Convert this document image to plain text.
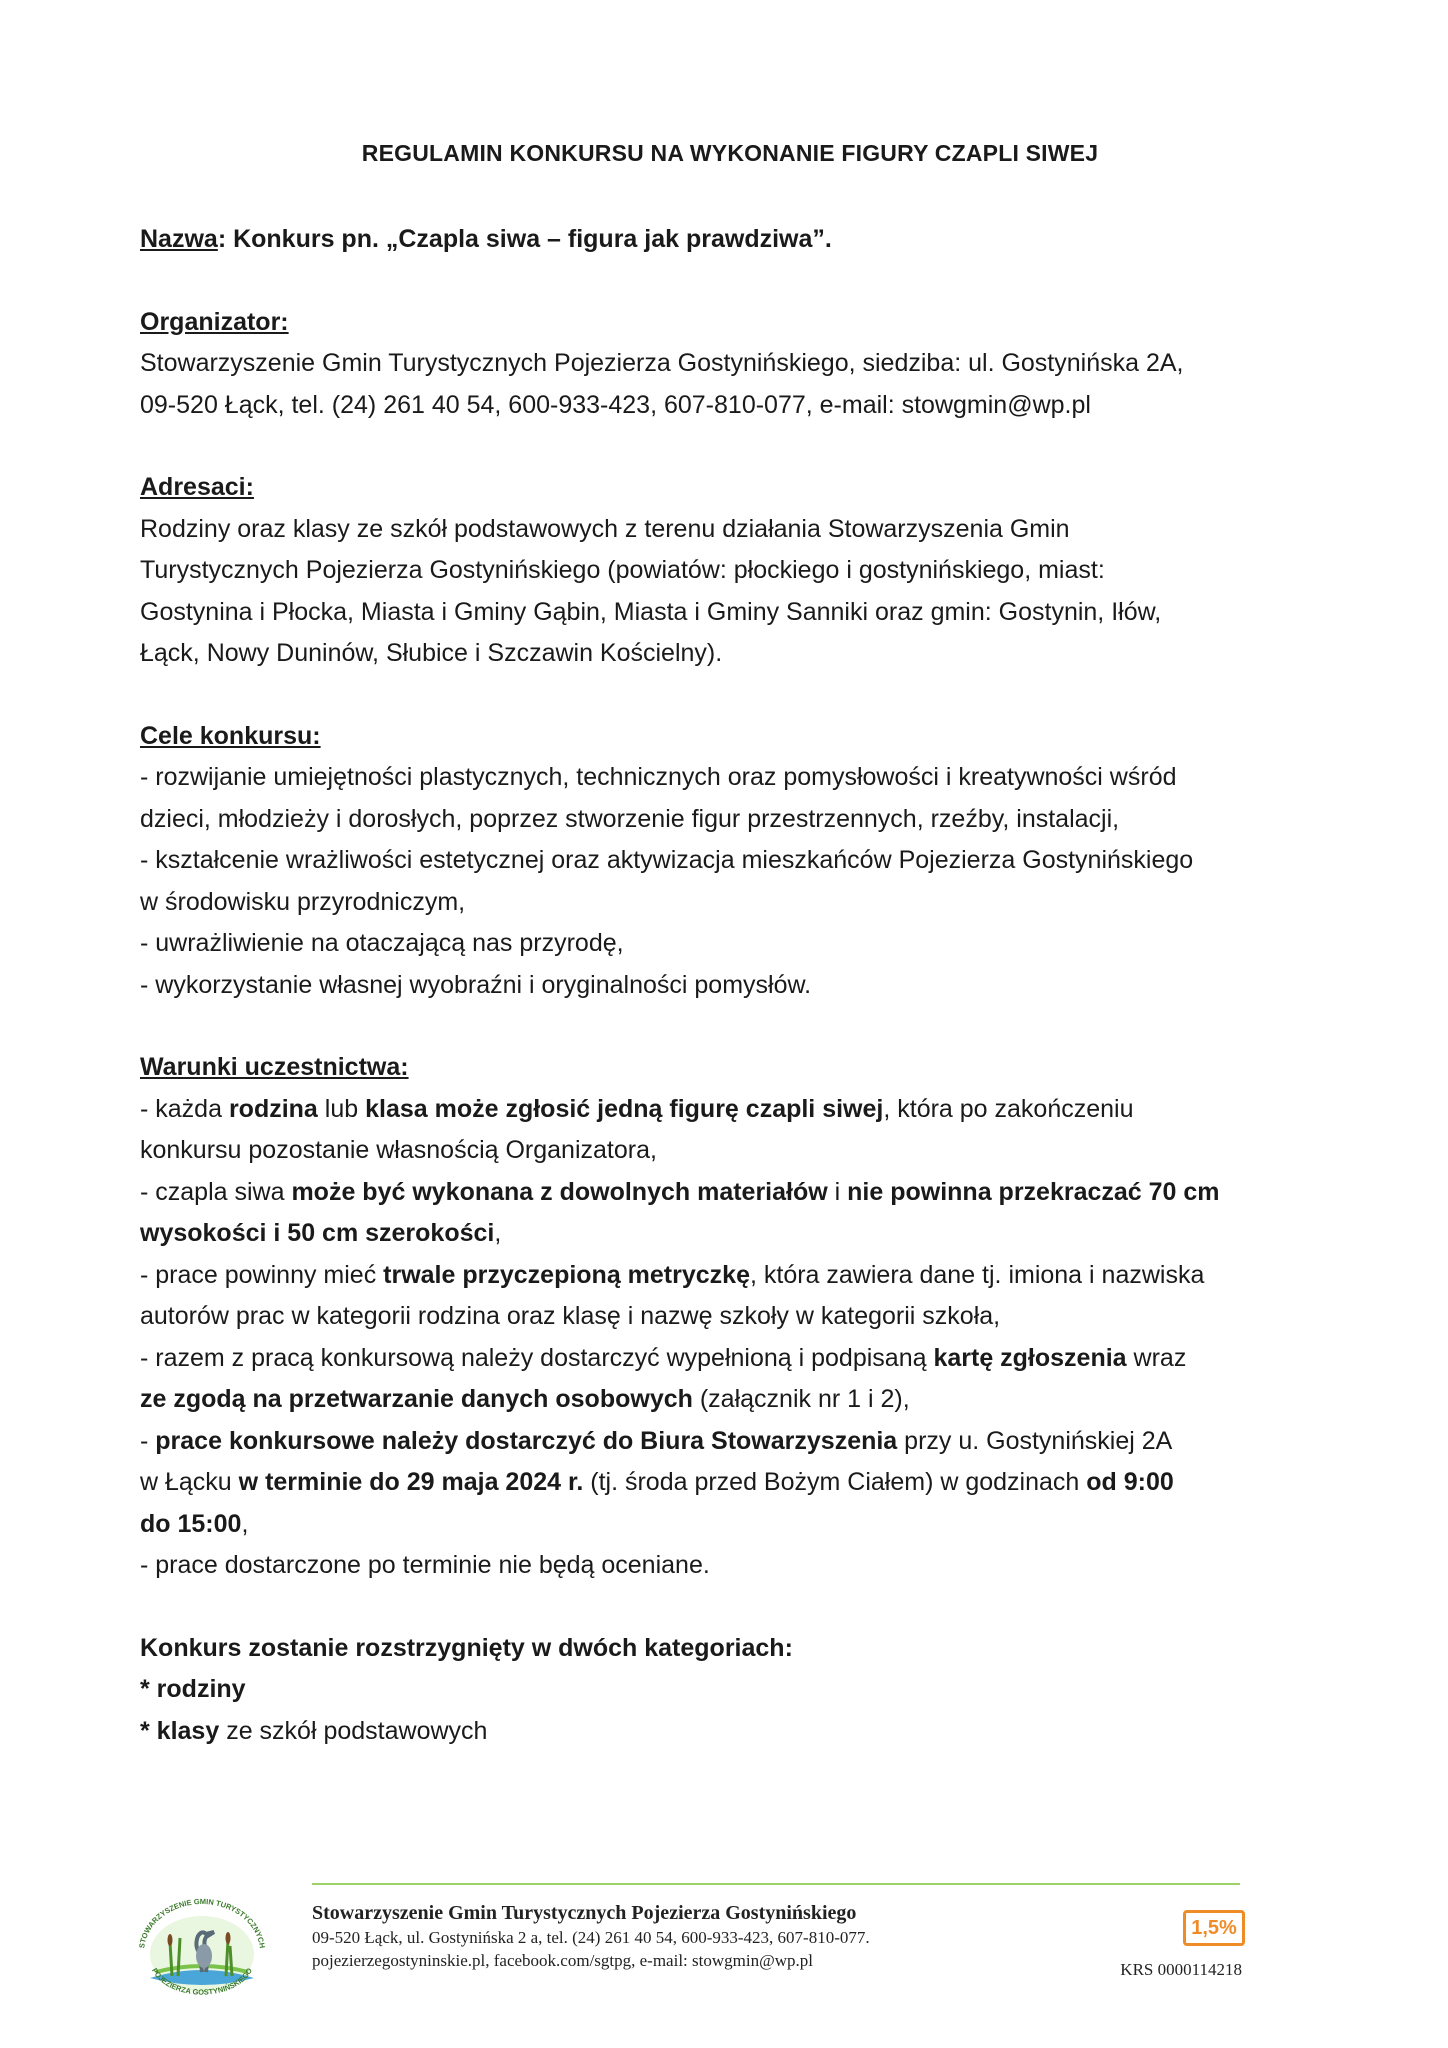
REGULAMIN KONKURSU NA WYKONANIE FIGURY CZAPLI SIWEJ
Nazwa: Konkurs pn. „Czapla siwa – figura jak prawdziwa”.
Organizator:
Stowarzyszenie Gmin Turystycznych Pojezierza Gostynińskiego, siedziba: ul. Gostynińska 2A,
09-520 Łąck, tel. (24) 261 40 54, 600-933-423, 607-810-077, e-mail: stowgmin@wp.pl
Adresaci:
Rodziny oraz klasy ze szkół podstawowych z terenu działania Stowarzyszenia Gmin
Turystycznych Pojezierza Gostynińskiego (powiatów: płockiego i gostynińskiego, miast:
Gostynina i Płocka, Miasta i Gminy Gąbin, Miasta i Gminy Sanniki oraz gmin: Gostynin, Iłów,
Łąck, Nowy Duninów, Słubice i Szczawin Kościelny).
Cele konkursu:
- rozwijanie umiejętności plastycznych, technicznych oraz pomysłowości i kreatywności wśród
dzieci, młodzieży i dorosłych, poprzez stworzenie figur przestrzennych, rzeźby, instalacji,
- kształcenie wrażliwości estetycznej oraz aktywizacja mieszkańców Pojezierza Gostynińskiego
w środowisku przyrodniczym,
- uwrażliwienie na otaczającą nas przyrodę,
- wykorzystanie własnej wyobraźni i oryginalności pomysłów.
Warunki uczestnictwa:
- każda rodzina lub klasa może zgłosić jedną figurę czapli siwej, która po zakończeniu
konkursu pozostanie własnością Organizatora,
- czapla siwa może być wykonana z dowolnych materiałów i nie powinna przekraczać 70 cm
wysokości i 50 cm szerokości,
- prace powinny mieć trwale przyczepioną metryczkę, która zawiera dane tj. imiona i nazwiska
autorów prac w kategorii rodzina oraz klasę i nazwę szkoły w kategorii szkoła,
- razem z pracą konkursową należy dostarczyć wypełnioną i podpisaną kartę zgłoszenia wraz
ze zgodą na przetwarzanie danych osobowych (załącznik nr 1 i 2),
- prace konkursowe należy dostarczyć do Biura Stowarzyszenia przy u. Gostynińskiej 2A
w Łącku w terminie do 29 maja 2024 r. (tj. środa przed Bożym Ciałem) w godzinach od 9:00
do 15:00,
- prace dostarczone po terminie nie będą oceniane.
Konkurs zostanie rozstrzygnięty w dwóch kategoriach:
* rodziny
* klasy ze szkół podstawowych
STOWARZYSZENIE GMIN TURYSTYCZNYCH
POJEZIERZA GOSTYNIŃSKIEGO
Stowarzyszenie Gmin Turystycznych Pojezierza Gostynińskiego
09-520 Łąck, ul. Gostynińska 2 a, tel. (24) 261 40 54, 600-933-423, 607-810-077.
pojezierzegostyninskie.pl, facebook.com/sgtpg, e-mail: stowgmin@wp.pl
1,5%
KRS 0000114218
